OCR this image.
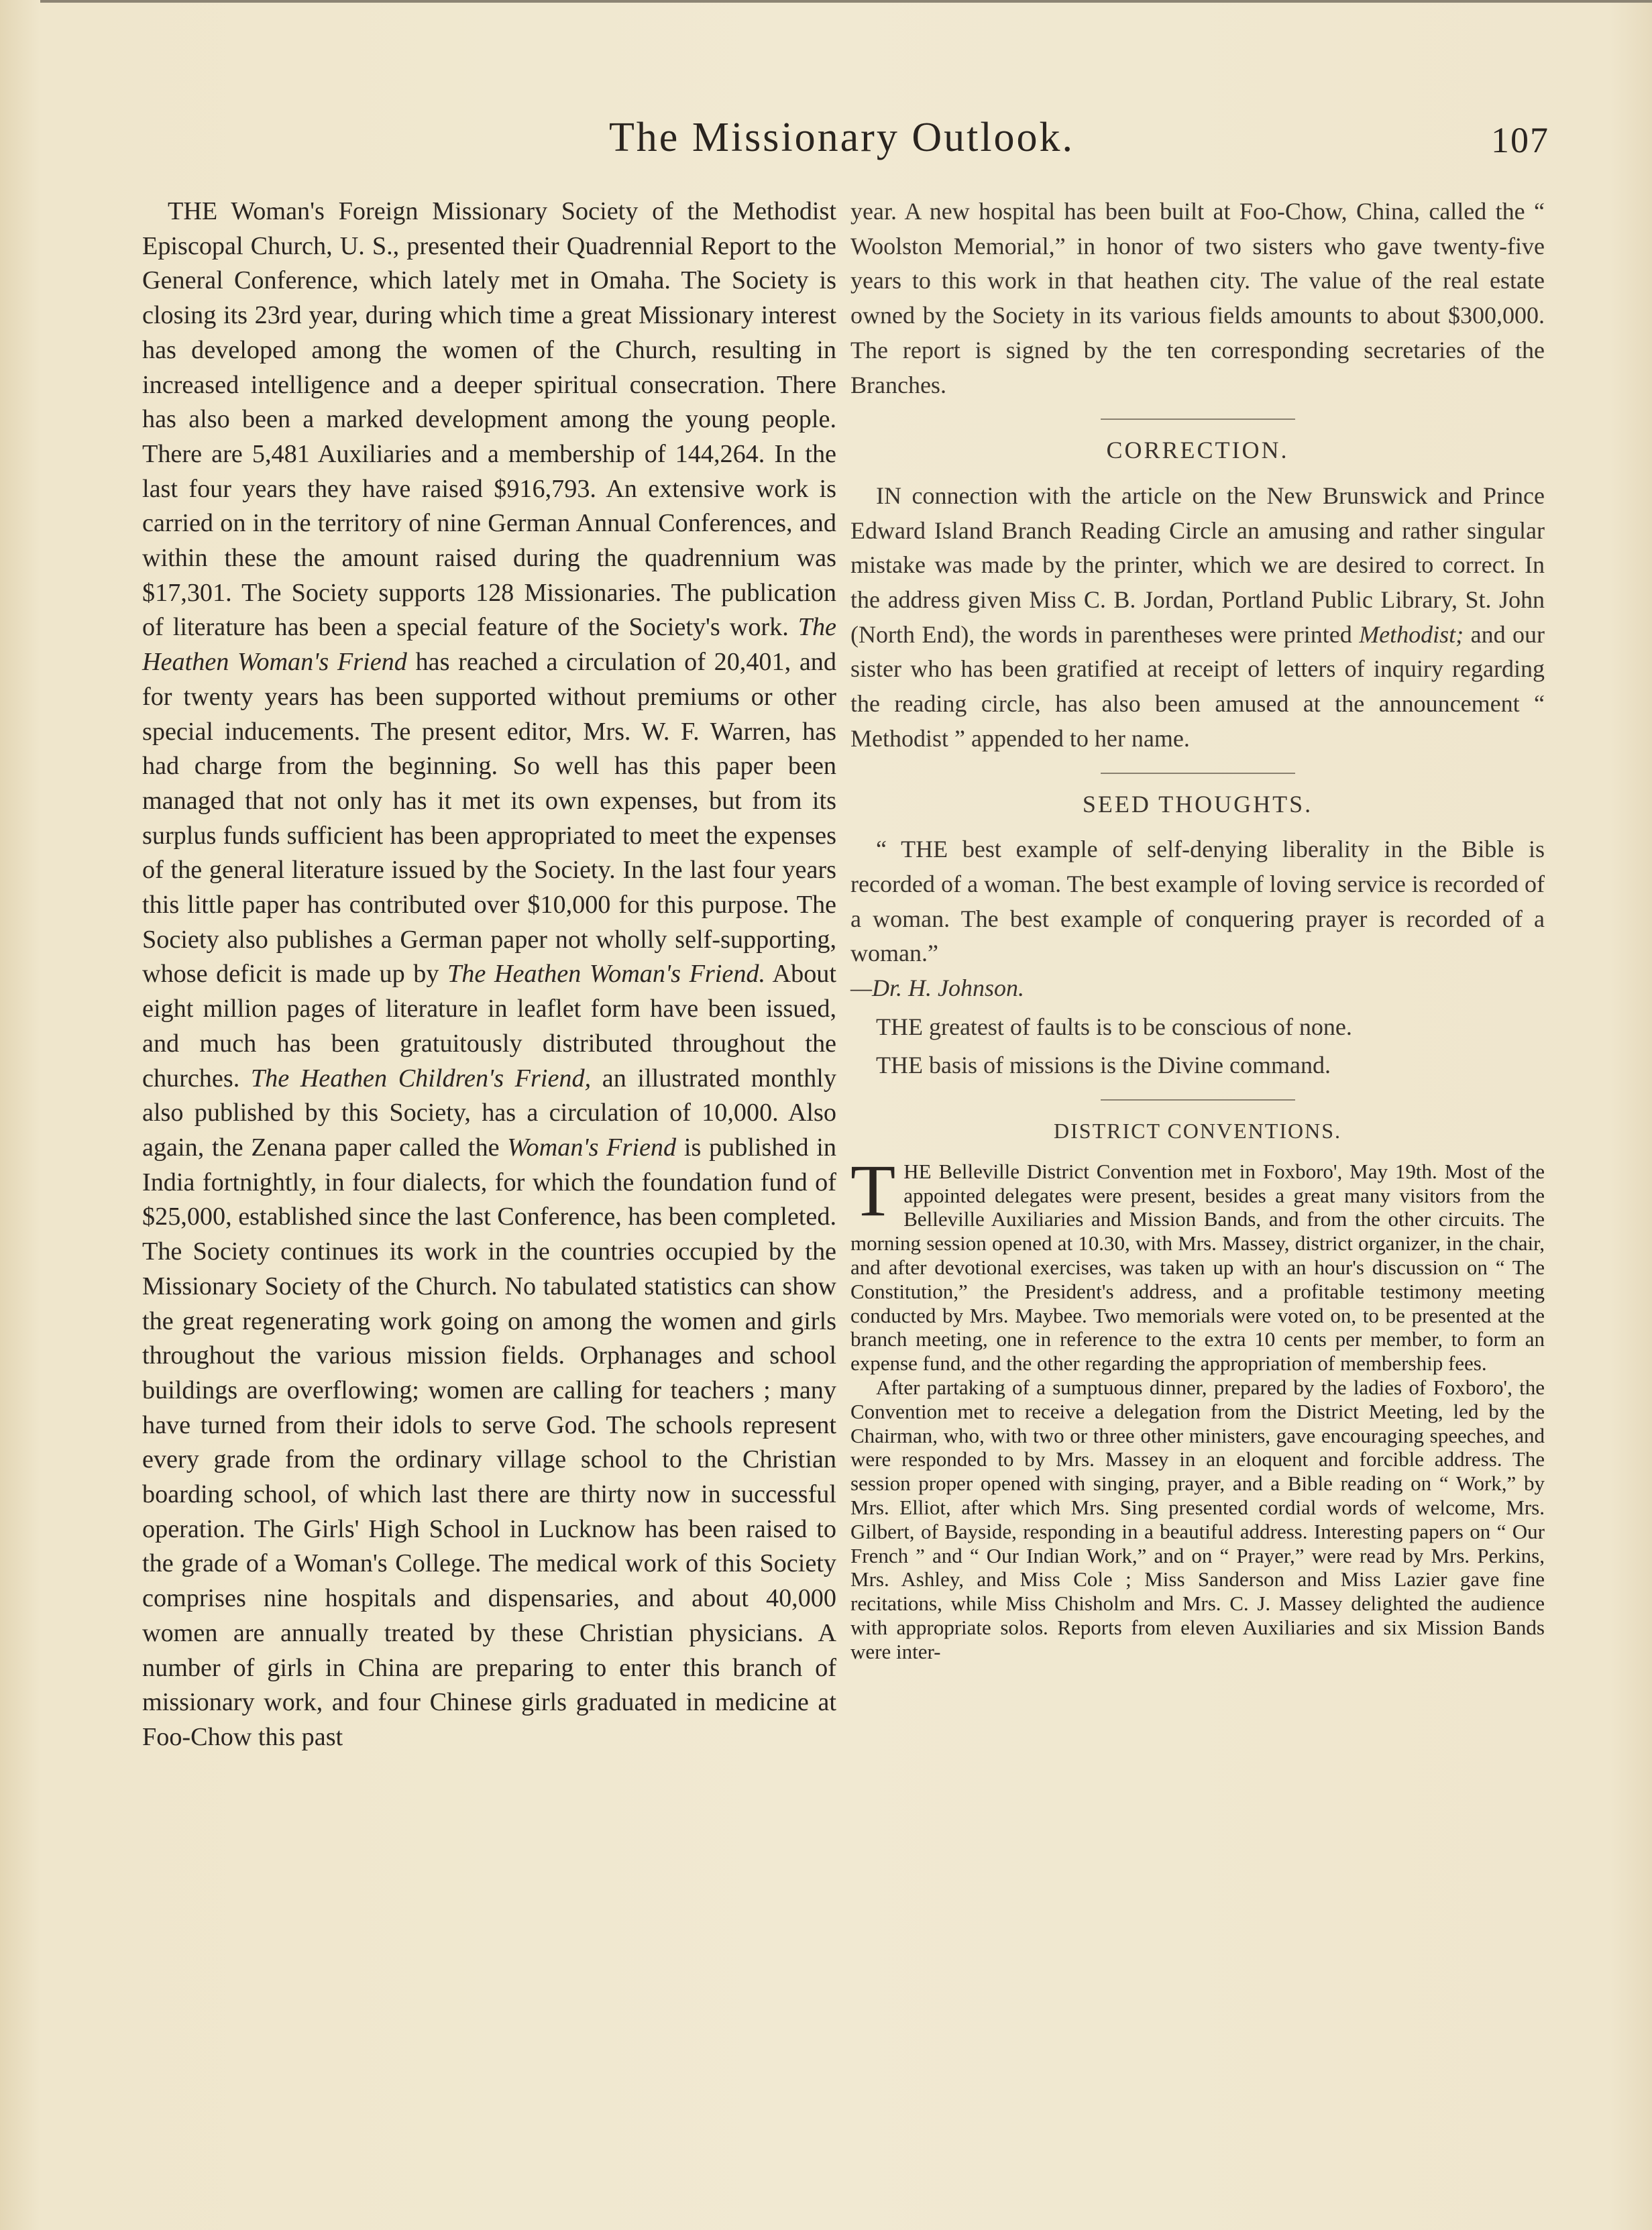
The Missionary Outlook.	107

THE Woman's Foreign Missionary Society of the Methodist Episcopal Church, U. S., presented their Quadrennial Report to the General Conference, which lately met in Omaha. The Society is closing its 23rd year, during which time a great Missionary interest has developed among the women of the Church, resulting in increased intelligence and a deeper spiritual consecration. There has also been a marked development among the young people. There are 5,481 Auxiliaries and a membership of 144,264. In the last four years they have raised $916,793. An extensive work is carried on in the territory of nine German Annual Conferences, and within these the amount raised during the quadrennium was $17,301. The Society supports 128 Missionaries. The publication of literature has been a special feature of the Society's work. The Heathen Woman's Friend has reached a circulation of 20,401, and for twenty years has been supported without premiums or other special inducements. The present editor, Mrs. W. F. Warren, has had charge from the beginning. So well has this paper been managed that not only has it met its own expenses, but from its surplus funds sufficient has been appropriated to meet the expenses of the general literature issued by the Society. In the last four years this little paper has contributed over $10,000 for this purpose. The Society also publishes a German paper not wholly self-supporting, whose deficit is made up by The Heathen Woman's Friend. About eight million pages of literature in leaflet form have been issued, and much has been gratuitously distributed throughout the churches. The Heathen Children's Friend, an illustrated monthly also published by this Society, has a circulation of 10,000. Also again, the Zenana paper called the Woman's Friend is published in India fortnightly, in four dialects, for which the foundation fund of $25,000, established since the last Conference, has been completed. The Society continues its work in the countries occupied by the Missionary Society of the Church. No tabulated statistics can show the great regenerating work going on among the women and girls throughout the various mission fields. Orphanages and school buildings are overflowing; women are calling for teachers ; many have turned from their idols to serve God. The schools represent every grade from the ordinary village school to the Christian boarding school, of which last there are thirty now in successful operation. The Girls' High School in Lucknow has been raised to the grade of a Woman's College. The medical work of this Society comprises nine hospitals and dispensaries, and about 40,000 women are annually treated by these Christian physicians. A number of girls in China are preparing to enter this branch of missionary work, and four Chinese girls graduated in medicine at Foo-Chow this past

year. A new hospital has been built at Foo-Chow, China, called the “ Woolston Memorial,” in honor of two sisters who gave twenty-five years to this work in that heathen city. The value of the real estate owned by the Society in its various fields amounts to about $300,000. The report is signed by the ten corresponding secretaries of the Branches.

CORRECTION.

IN connection with the article on the New Brunswick and Prince Edward Island Branch Reading Circle an amusing and rather singular mistake was made by the printer, which we are desired to correct. In the address given Miss C. B. Jordan, Portland Public Library, St. John (North End), the words in parentheses were printed Methodist; and our sister who has been gratified at receipt of letters of inquiry regarding the reading circle, has also been amused at the announcement “ Methodist ” appended to her name.

SEED THOUGHTS.

“ THE best example of self-denying liberality in the Bible is recorded of a woman. The best example of loving service is recorded of a woman. The best example of conquering prayer is recorded of a woman.”
—Dr. H. Johnson.

THE greatest of faults is to be conscious of none.

THE basis of missions is the Divine command.

DISTRICT CONVENTIONS.

THE Belleville District Convention met in Foxboro', May 19th. Most of the appointed delegates were present, besides a great many visitors from the Belleville Auxiliaries and Mission Bands, and from the other circuits. The morning session opened at 10.30, with Mrs. Massey, district organizer, in the chair, and after devotional exercises, was taken up with an hour's discussion on “ The Constitution,” the President's address, and a profitable testimony meeting conducted by Mrs. Maybee. Two memorials were voted on, to be presented at the branch meeting, one in reference to the extra 10 cents per member, to form an expense fund, and the other regarding the appropriation of membership fees.

After partaking of a sumptuous dinner, prepared by the ladies of Foxboro', the Convention met to receive a delegation from the District Meeting, led by the Chairman, who, with two or three other ministers, gave encouraging speeches, and were responded to by Mrs. Massey in an eloquent and forcible address. The session proper opened with singing, prayer, and a Bible reading on “ Work,” by Mrs. Elliot, after which Mrs. Sing presented cordial words of welcome, Mrs. Gilbert, of Bayside, responding in a beautiful address. Interesting papers on “ Our French ” and “ Our Indian Work,” and on “ Prayer,” were read by Mrs. Perkins, Mrs. Ashley, and Miss Cole ; Miss Sanderson and Miss Lazier gave fine recitations, while Miss Chisholm and Mrs. C. J. Massey delighted the audience with appropriate solos. Reports from eleven Auxiliaries and six Mission Bands were inter-
